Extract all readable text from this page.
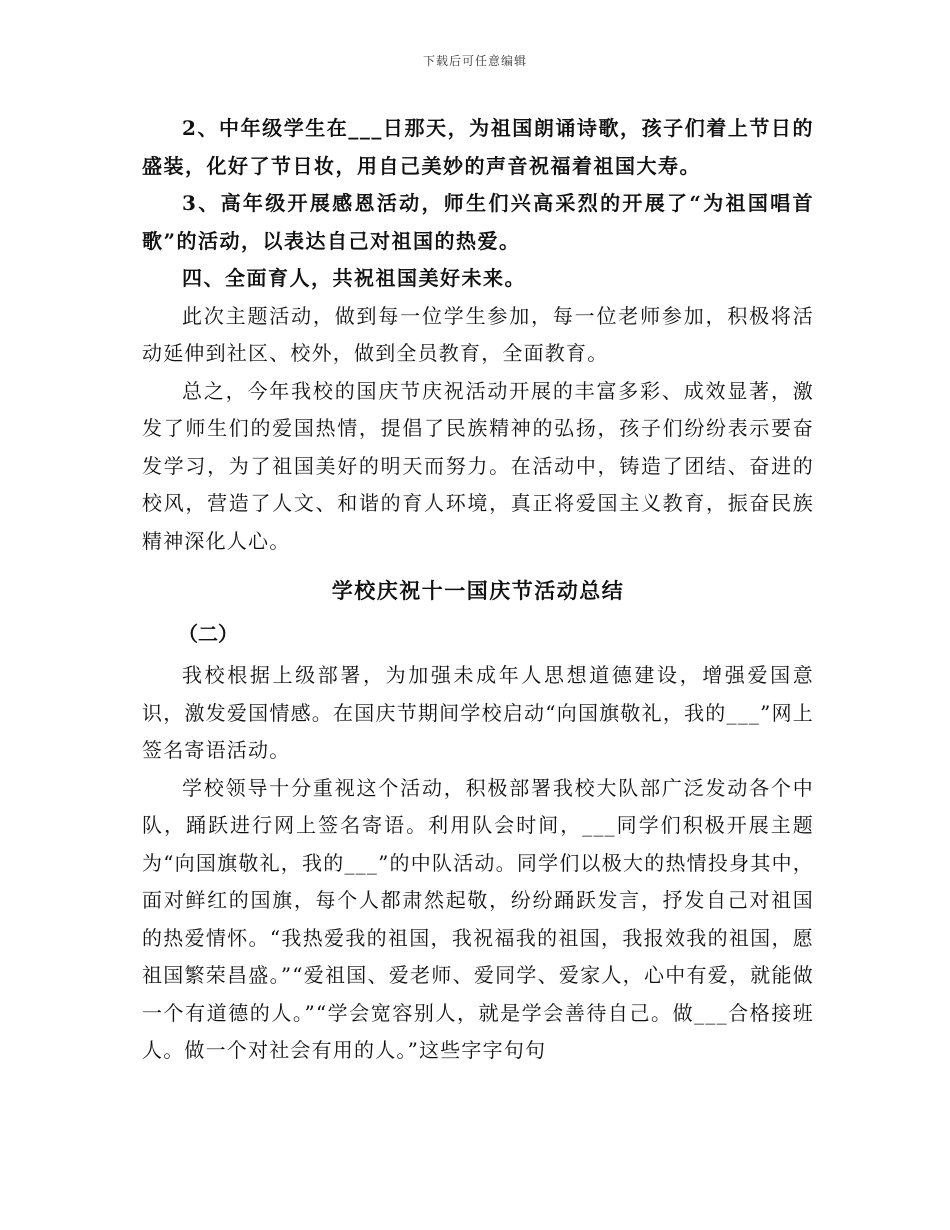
下载后可任意编辑

2、中年级学生在___日那天，为祖国朗诵诗歌，孩子们着上节日的盛装，化好了节日妆，用自己美妙的声音祝福着祖国大寿。

3、高年级开展感恩活动，师生们兴高采烈的开展了“为祖国唱首歌”的活动，以表达自己对祖国的热爱。

四、全面育人，共祝祖国美好未来。

此次主题活动，做到每一位学生参加，每一位老师参加，积极将活动延伸到社区、校外，做到全员教育，全面教育。

总之，今年我校的国庆节庆祝活动开展的丰富多彩、成效显著，激发了师生们的爱国热情，提倡了民族精神的弘扬，孩子们纷纷表示要奋发学习，为了祖国美好的明天而努力。在活动中，铸造了团结、奋进的校风，营造了人文、和谐的育人环境，真正将爱国主义教育，振奋民族精神深化人心。

学校庆祝十一国庆节活动总结
（二）

我校根据上级部署，为加强未成年人思想道德建设，增强爱国意识，激发爱国情感。在国庆节期间学校启动“向国旗敬礼，我的___”网上签名寄语活动。

学校领导十分重视这个活动，积极部署我校大队部广泛发动各个中队，踊跃进行网上签名寄语。利用队会时间，___同学们积极开展主题为“向国旗敬礼，我的___”的中队活动。同学们以极大的热情投身其中，面对鲜红的国旗，每个人都肃然起敬，纷纷踊跃发言，抒发自己对祖国的热爱情怀。“我热爱我的祖国，我祝福我的祖国，我报效我的祖国，愿祖国繁荣昌盛。”“爱祖国、爱老师、爱同学、爱家人，心中有爱，就能做一个有道德的人。”“学会宽容别人，就是学会善待自己。做___合格接班人。做一个对社会有用的人。”这些字字句句
